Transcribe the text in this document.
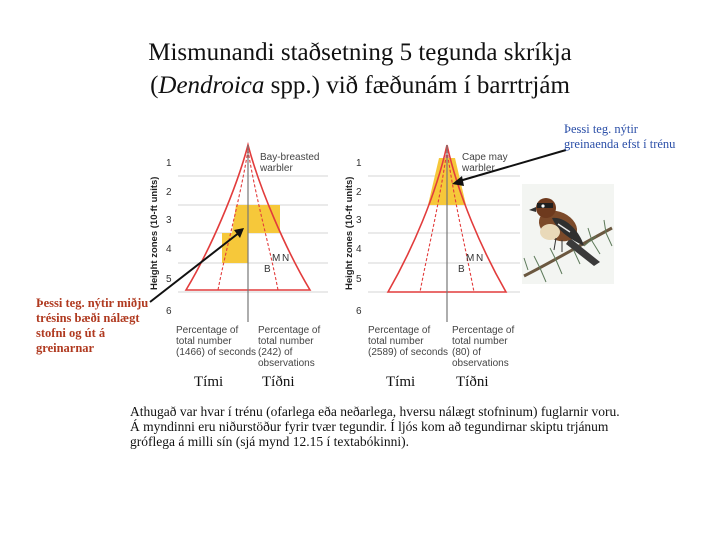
Mismunandi staðsetning 5 tegunda skríkja
(Dendroica spp.) við fæðunám í barrtrjám
Height zones (10-ft units)
1
2
3
4
5
6
Bay-breasted
warbler
M N
B
Percentage of
total number
(1466) of seconds
Percentage of
total number
(242) of
observations
Height zones (10-ft units)
1
2
3
4
5
6
Cape may
warbler
M N
B
Percentage of
total number
(2589) of seconds
Percentage of
total number
(80) of
observations
Þessi teg. nýtir greinaenda efst í trénu
Þessi teg. nýtir miðju trésins bæði nálægt stofni og út á greinarnar
Tími	Tíðni	Tími	Tíðni
Athugað var hvar í trénu (ofarlega eða neðarlega, hversu nálægt stofninum) fuglarnir voru. Á myndinni eru niðurstöður fyrir tvær tegundir. Í ljós kom að tegundirnar skiptu trjánum gróflega á milli sín (sjá mynd 12.15 í textabókinni).
